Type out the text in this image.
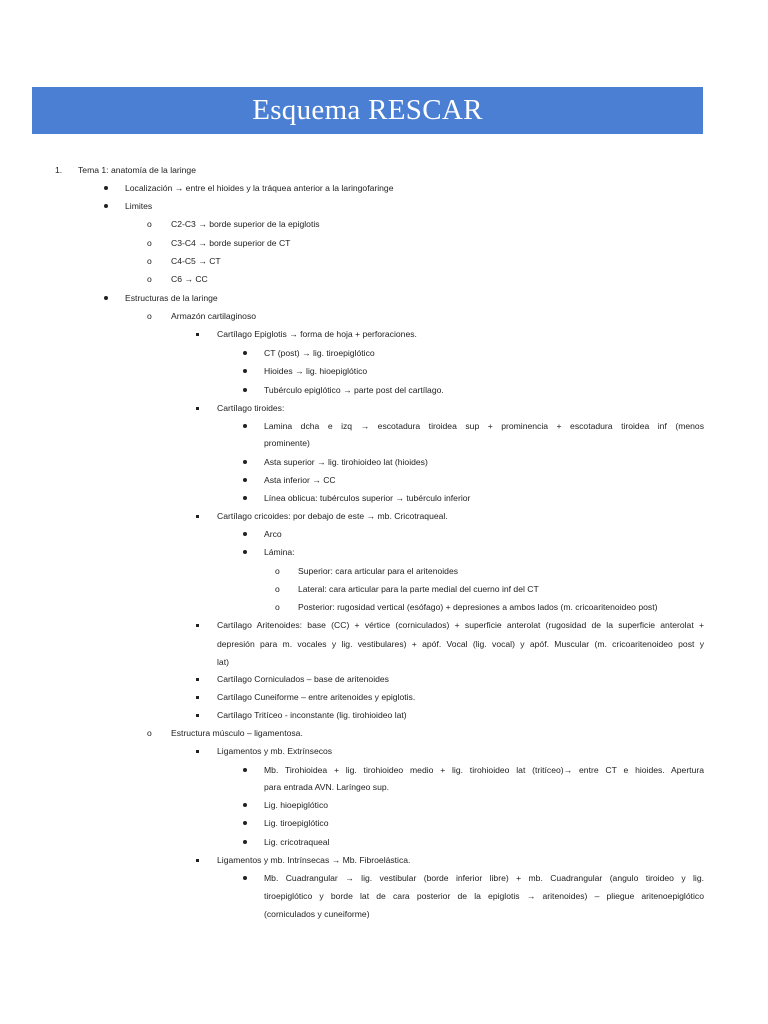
Esquema RESCAR
1. Tema 1: anatomía de la laringe
Localización → entre el hioides y la tráquea anterior a la laringofaringe
Limites
o C2-C3 → borde superior de la epiglotis
o C3-C4 → borde superior de CT
o C4-C5 → CT
o C6 → CC
Estructuras de la laringe
o Armazón cartilaginoso
Cartílago Epiglotis → forma de hoja + perforaciones.
CT (post) → lig. tiroepiglótico
Hioides → lig. hioepiglótico
Tubérculo epiglótico → parte post del cartílago.
Cartílago tiroides:
Lamina dcha e izq → escotadura tiroidea sup + prominencia + escotadura tiroidea inf (menos
prominente)
Asta superior → lig. tirohioideo lat (hioides)
Asta inferior → CC
Línea oblicua: tubérculos superior → tubérculo inferior
Cartílago cricoides: por debajo de este → mb. Cricotraqueal.
Arco
Lámina:
o Superior: cara articular para el aritenoides
o Lateral: cara articular para la parte medial del cuerno inf del CT
o Posterior: rugosidad vertical (esófago) + depresiones a ambos lados (m. cricoaritenoideo post)
Cartílago Aritenoides: base (CC) + vértice (corniculados) + superficie anterolat (rugosidad de la superficie anterolat +
depresión para m. vocales y lig. vestibulares) + apóf. Vocal (lig. vocal) y apóf. Muscular (m. cricoaritenoideo post y
lat)
Cartílago Corniculados – base de aritenoides
Cartílago Cuneiforme – entre aritenoides y epiglotis.
Cartílago Tritíceo - inconstante (lig. tirohioideo lat)
o Estructura músculo – ligamentosa.
Ligamentos y mb. Extrínsecos
Mb. Tirohioidea + lig. tirohioideo medio + lig. tirohioideo lat (tritíceo)→ entre CT e hioides. Apertura
para entrada AVN. Laríngeo sup.
Lig. hioepiglótico
Lig. tiroepiglótico
Lig. cricotraqueal
Ligamentos y mb. Intrínsecas → Mb. Fibroelástica.
Mb. Cuadrangular → lig. vestibular (borde inferior libre) + mb. Cuadrangular (angulo tiroideo y lig.
tiroepiglótico y borde lat de cara posterior de la epiglotis → aritenoides) – pliegue aritenoepiglótico
(corniculados y cuneiforme)
